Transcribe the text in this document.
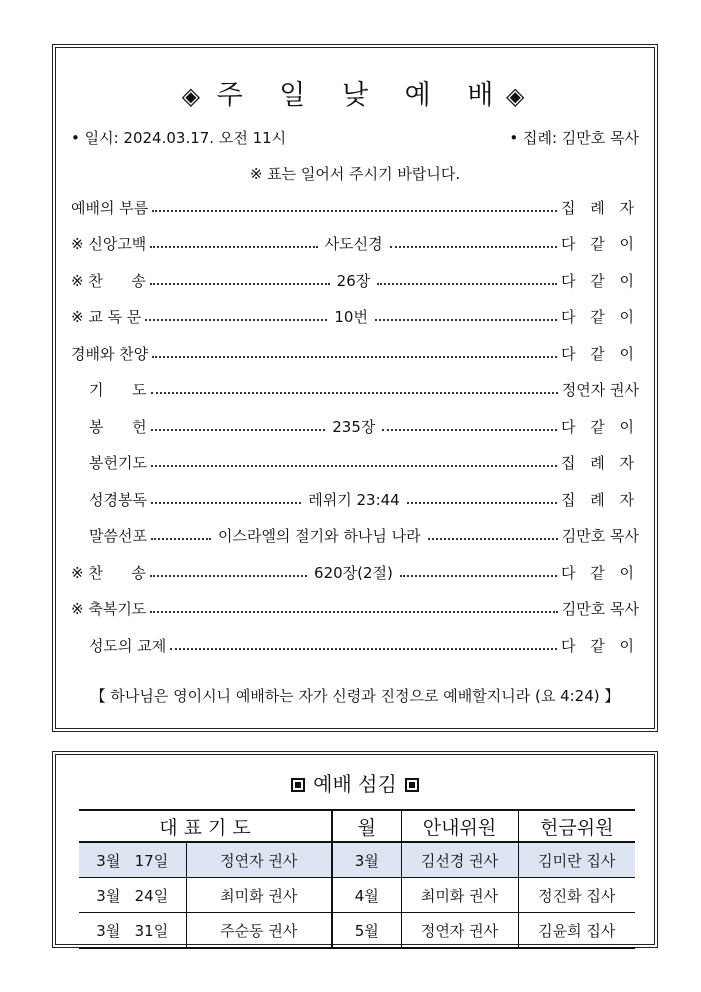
◈ 주 일 낮 예 배 ◈
• 일시: 2024.03.17. 오전 11시	• 집례: 김만호 목사
※ 표는 일어서 주시기 바랍니다.
예배의 부름	집 례 자
※ 신앙고백	사도신경	다 같 이
※ 찬      송	26장	다 같 이
※ 교 독 문	10번	다 같 이
경배와 찬양	다 같 이
기      도	정연자 권사
봉      헌	235장	다 같 이
봉헌기도	집 례 자
성경봉독	레위기 23:44	집 례 자
말씀선포	이스라엘의 절기와 하나님 나라	김만호 목사
※ 찬      송	620장(2절)	다 같 이
※ 축복기도	김만호 목사
성도의 교제	다 같 이
【 하나님은 영이시니 예배하는 자가 신령과 진정으로 예배할지니라 (요 4:24) 】
예배 섬김
대 표 기 도		월	안내위원	헌금위원
3월 17일	정연자 권사	3월	김선경 권사	김미란 집사
3월 24일	최미화 권사	4월	최미화 권사	정진화 집사
3월 31일	주순동 권사	5월	정연자 권사	김윤희 집사
